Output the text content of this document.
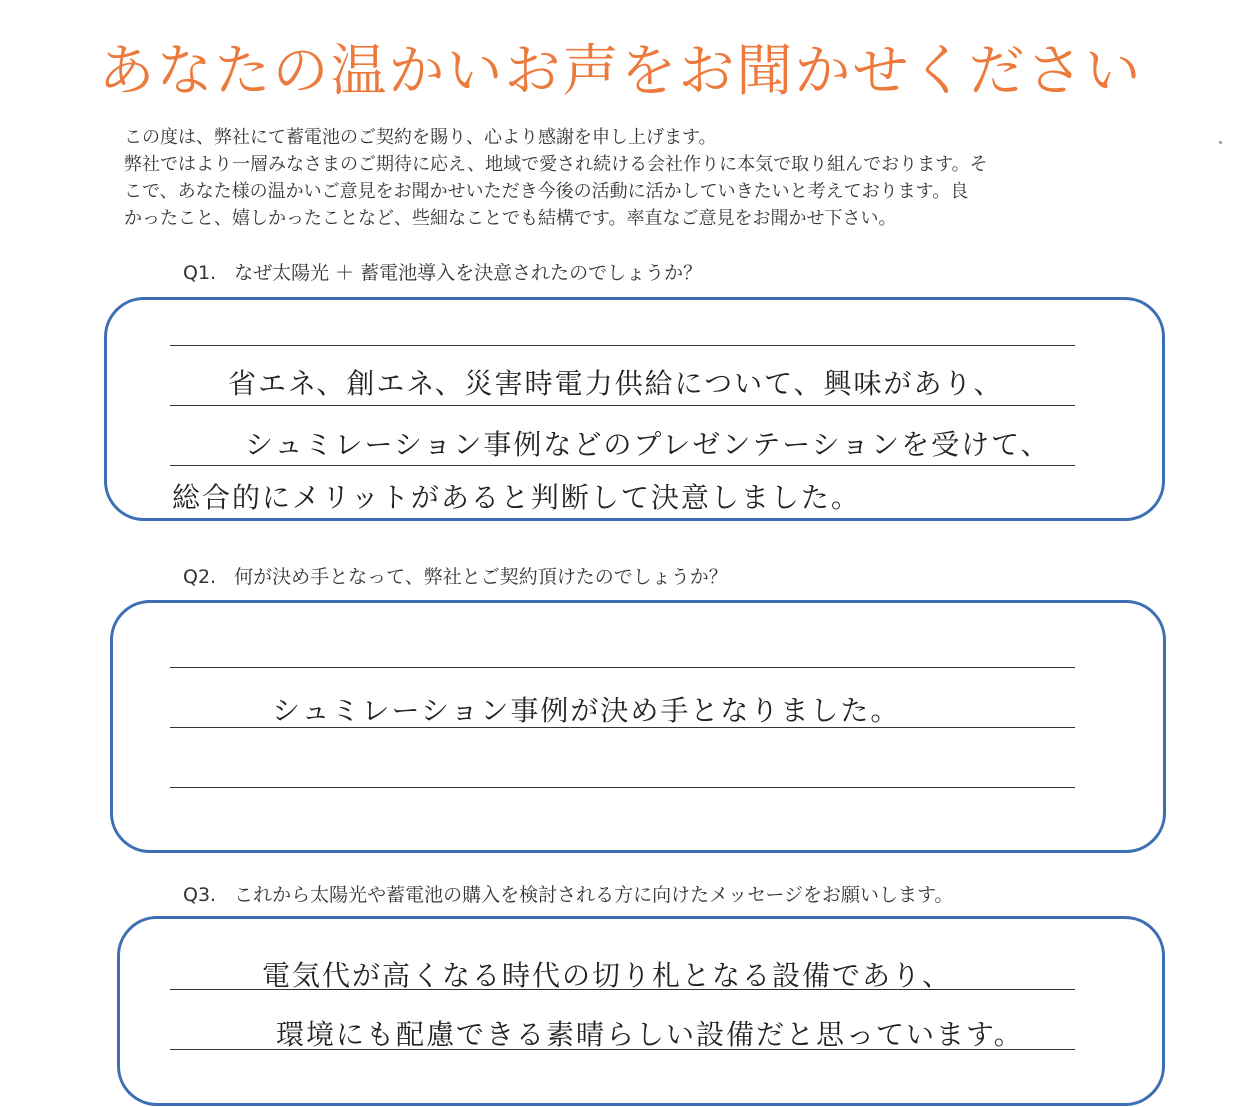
あなたの温かいお声をお聞かせください
この度は、弊社にて蓄電池のご契約を賜り、心より感謝を申し上げます。
弊社ではより一層みなさまのご期待に応え、地域で愛され続ける会社作りに本気で取り組んでおります。そ
こで、あなた様の温かいご意見をお聞かせいただき今後の活動に活かしていきたいと考えております。良
かったこと、嬉しかったことなど、些細なことでも結構です。率直なご意見をお聞かせ下さい。
Q1. なぜ太陽光 ＋ 蓄電池導入を決意されたのでしょうか？
省エネ、創エネ、災害時電力供給について、興味があり、
シュミレーション事例などのプレゼンテーションを受けて、
総合的にメリットがあると判断して決意しました。
Q2. 何が決め手となって、弊社とご契約頂けたのでしょうか？
シュミレーション事例が決め手となりました。
Q3. これから太陽光や蓄電池の購入を検討される方に向けたメッセージをお願いします。
電気代が高くなる時代の切り札となる設備であり、
環境にも配慮できる素晴らしい設備だと思っています。
